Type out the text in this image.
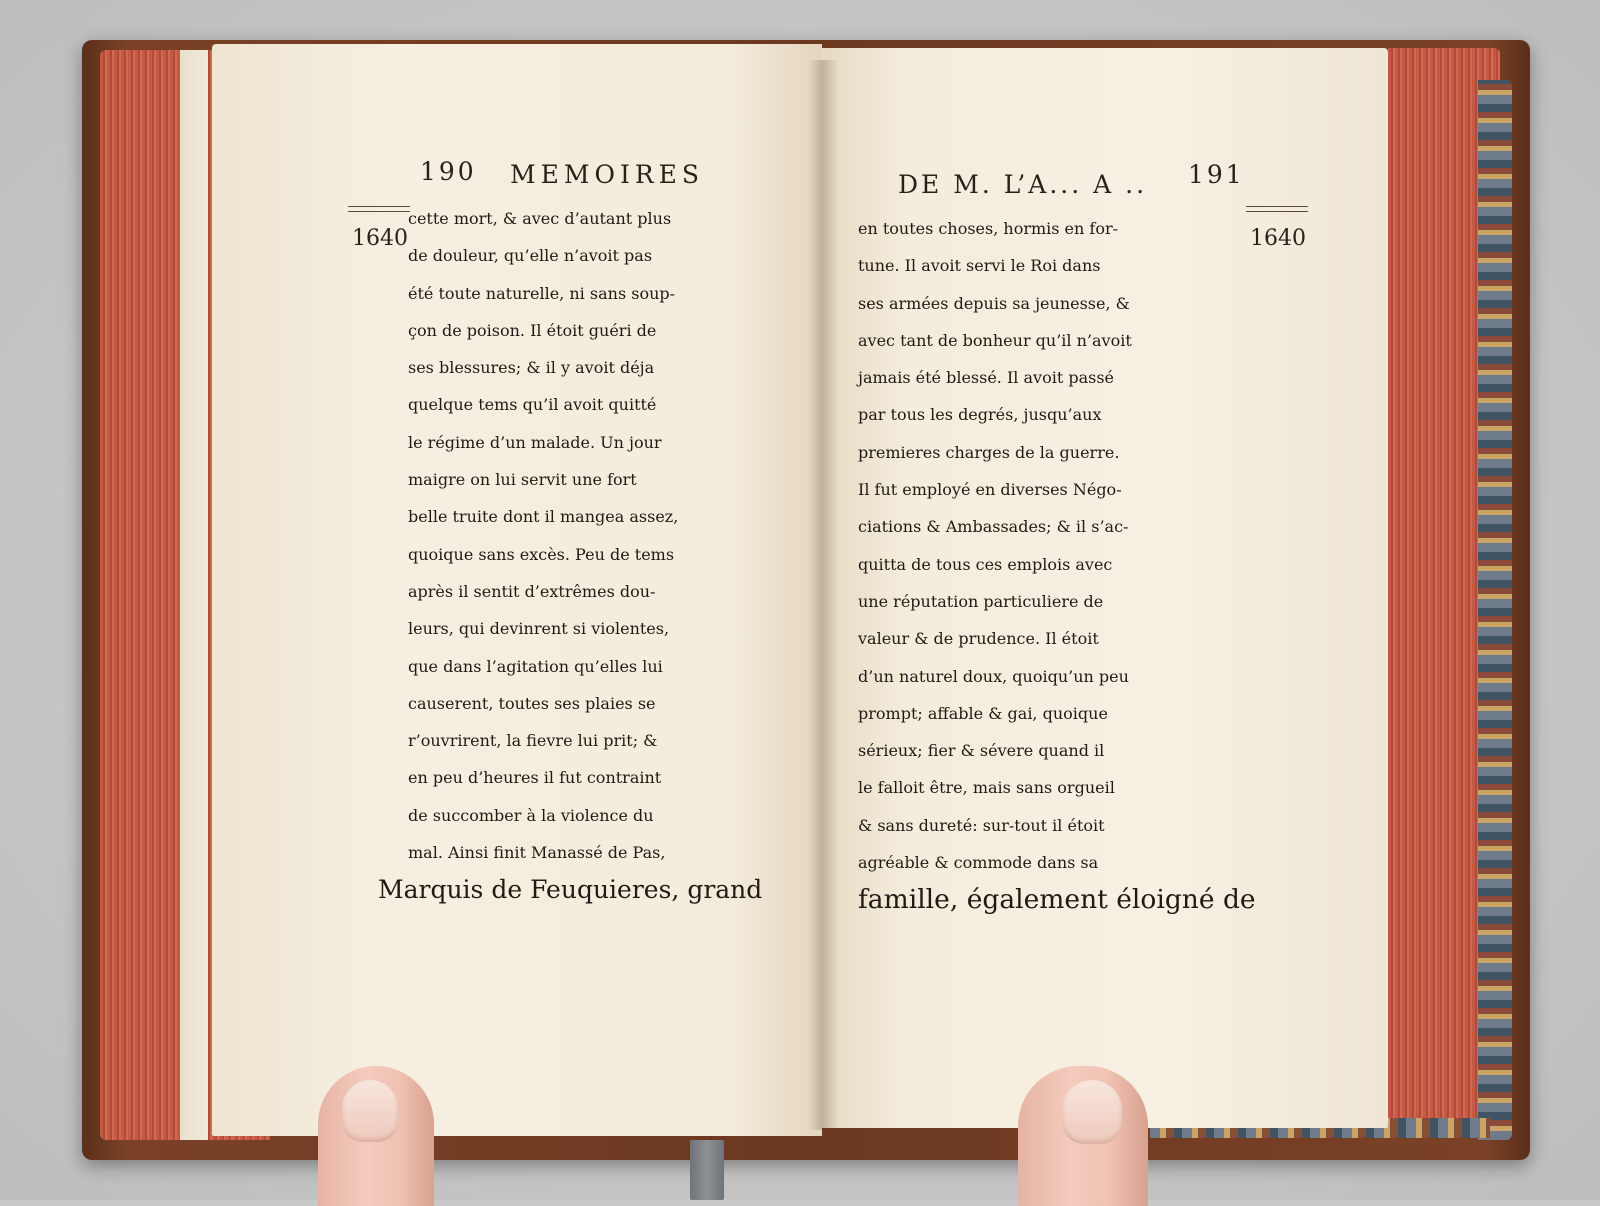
190 MEMOIRES
1640
DE M. L’A... A .. 191
1640
cette mort, & avec d’autant plus
de douleur, qu’elle n’avoit pas
été toute naturelle, ni sans soup-
çon de poison. Il étoit guéri de
ses blessures; & il y avoit déja
quelque tems qu’il avoit quitté
le régime d’un malade. Un jour
maigre on lui servit une fort
belle truite dont il mangea assez,
quoique sans excès. Peu de tems
après il sentit d’extrêmes dou-
leurs, qui devinrent si violentes,
que dans l’agitation qu’elles lui
causerent, toutes ses plaies se
r’ouvrirent, la fievre lui prit; &
en peu d’heures il fut contraint
de succomber à la violence du
mal. Ainsi finit Manassé de Pas,
Marquis de Feuquieres, grand
en toutes choses, hormis en for-
tune. Il avoit servi le Roi dans
ses armées depuis sa jeunesse, &
avec tant de bonheur qu’il n’avoit
jamais été blessé. Il avoit passé
par tous les degrés, jusqu’aux
premieres charges de la guerre.
Il fut employé en diverses Négo-
ciations & Ambassades; & il s’ac-
quitta de tous ces emplois avec
une réputation particuliere de
valeur & de prudence. Il étoit
d’un naturel doux, quoiqu’un peu
prompt; affable & gai, quoique
sérieux; fier & sévere quand il
le falloit être, mais sans orgueil
& sans dureté: sur-tout il étoit
agréable & commode dans sa
famille, également éloigné de
